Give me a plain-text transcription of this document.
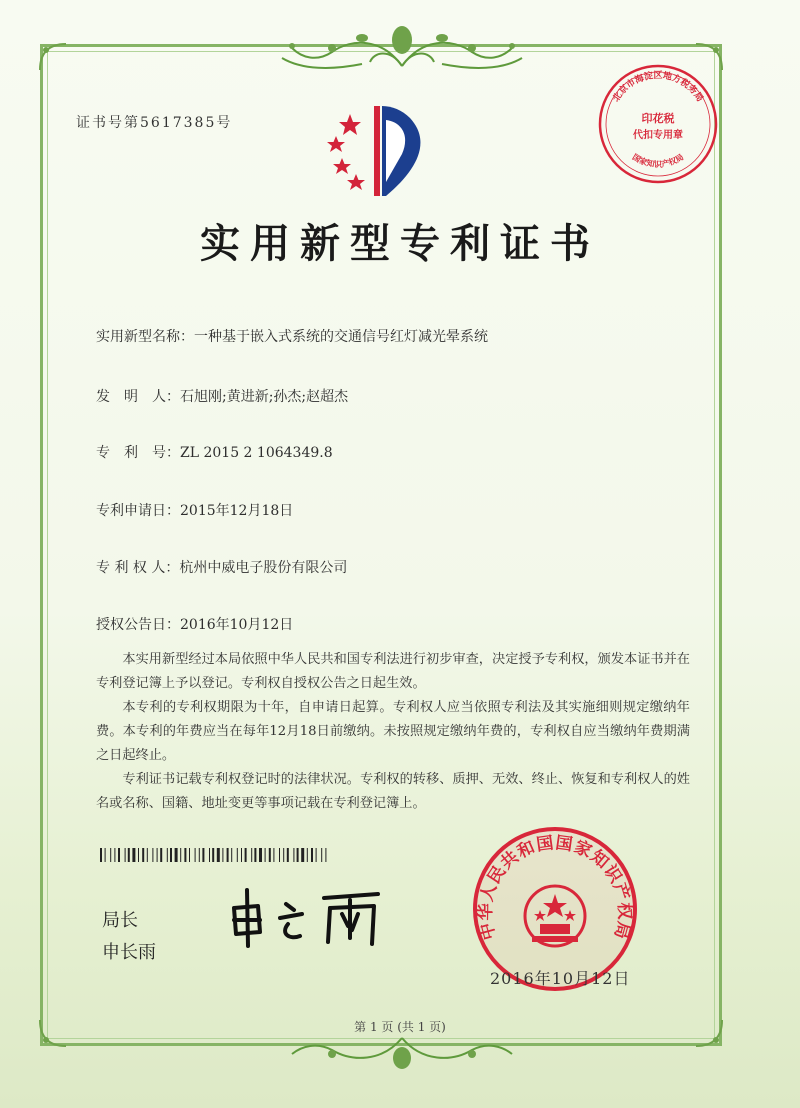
证书号第5617385号
北京市海淀区地方税务局
印花税
代扣专用章
国家知识产权局
实用新型专利证书
实用新型名称：一种基于嵌入式系统的交通信号红灯减光晕系统
发　明　人：石旭刚;黄进新;孙杰;赵超杰
专　利　号：ZL 2015 2 1064349.8
专利申请日：2015年12月18日
专 利 权 人：杭州中威电子股份有限公司
授权公告日：2016年10月12日

本实用新型经过本局依照中华人民共和国专利法进行初步审查，决定授予专利权，颁发本证书并在专利登记簿上予以登记。专利权自授权公告之日起生效。

本专利的专利权期限为十年，自申请日起算。专利权人应当依照专利法及其实施细则规定缴纳年费。本专利的年费应当在每年12月18日前缴纳。未按照规定缴纳年费的，专利权自应当缴纳年费期满之日起终止。

专利证书记载专利权登记时的法律状况。专利权的转移、质押、无效、终止、恢复和专利权人的姓名或名称、国籍、地址变更等事项记载在专利登记簿上。

局长
申长雨
中华人民共和国国家知识产权局
2016年10月12日
第 1 页 (共 1 页)
